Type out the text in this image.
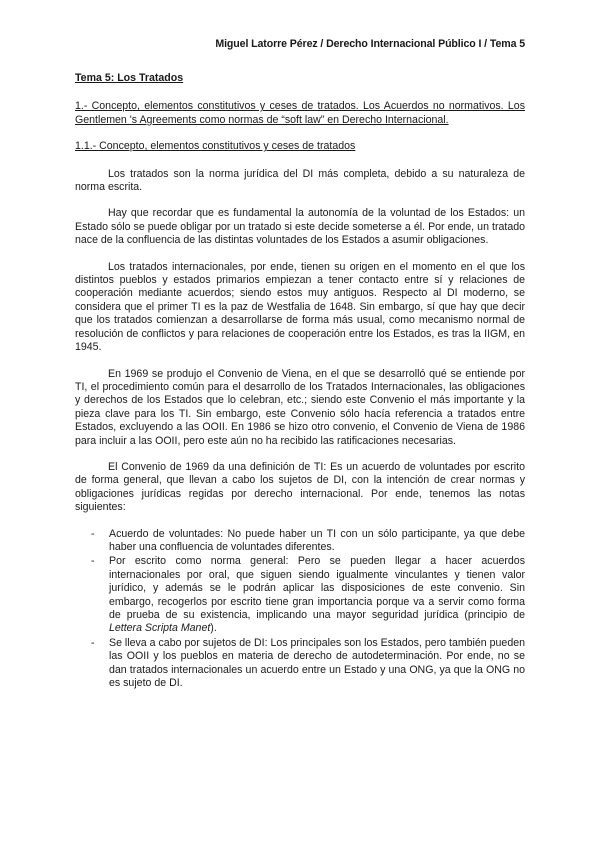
Miguel Latorre Pérez / Derecho Internacional Público I / Tema 5
Tema 5: Los Tratados
1.- Concepto, elementos constitutivos y ceses de tratados. Los Acuerdos no normativos. Los Gentlemen 's Agreements como normas de “soft law” en Derecho Internacional.
1.1.- Concepto, elementos constitutivos y ceses de tratados

Los tratados son la norma jurídica del DI más completa, debido a su naturaleza de norma escrita.

Hay que recordar que es fundamental la autonomía de la voluntad de los Estados: un Estado sólo se puede obligar por un tratado si este decide someterse a él. Por ende, un tratado nace de la confluencia de las distintas voluntades de los Estados a asumir obligaciones.

Los tratados internacionales, por ende, tienen su origen en el momento en el que los distintos pueblos y estados primarios empiezan a tener contacto entre sí y relaciones de cooperación mediante acuerdos; siendo estos muy antiguos. Respecto al DI moderno, se considera que el primer TI es la paz de Westfalia de 1648. Sin embargo, sí que hay que decir que los tratados comienzan a desarrollarse de forma más usual, como mecanismo normal de resolución de conflictos y para relaciones de cooperación entre los Estados, es tras la IIGM, en 1945.

En 1969 se produjo el Convenio de Viena, en el que se desarrolló qué se entiende por TI, el procedimiento común para el desarrollo de los Tratados Internacionales, las obligaciones y derechos de los Estados que lo celebran, etc.; siendo este Convenio el más importante y la pieza clave para los TI. Sin embargo, este Convenio sólo hacía referencia a tratados entre Estados, excluyendo a las OOII. En 1986 se hizo otro convenio, el Convenio de Viena de 1986 para incluir a las OOII, pero este aún no ha recibido las ratificaciones necesarias.

El Convenio de 1969 da una definición de TI: Es un acuerdo de voluntades por escrito de forma general, que llevan a cabo los sujetos de DI, con la intención de crear normas y obligaciones jurídicas regidas por derecho internacional. Por ende, tenemos las notas siguientes:

- Acuerdo de voluntades: No puede haber un TI con un sólo participante, ya que debe haber una confluencia de voluntades diferentes.
- Por escrito como norma general: Pero se pueden llegar a hacer acuerdos internacionales por oral, que siguen siendo igualmente vinculantes y tienen valor jurídico, y además se le podrán aplicar las disposiciones de este convenio. Sin embargo, recogerlos por escrito tiene gran importancia porque va a servir como forma de prueba de su existencia, implicando una mayor seguridad jurídica (principio de Lettera Scripta Manet).
- Se lleva a cabo por sujetos de DI: Los principales son los Estados, pero también pueden las OOII y los pueblos en materia de derecho de autodeterminación. Por ende, no se dan tratados internacionales un acuerdo entre un Estado y una ONG, ya que la ONG no es sujeto de DI.
